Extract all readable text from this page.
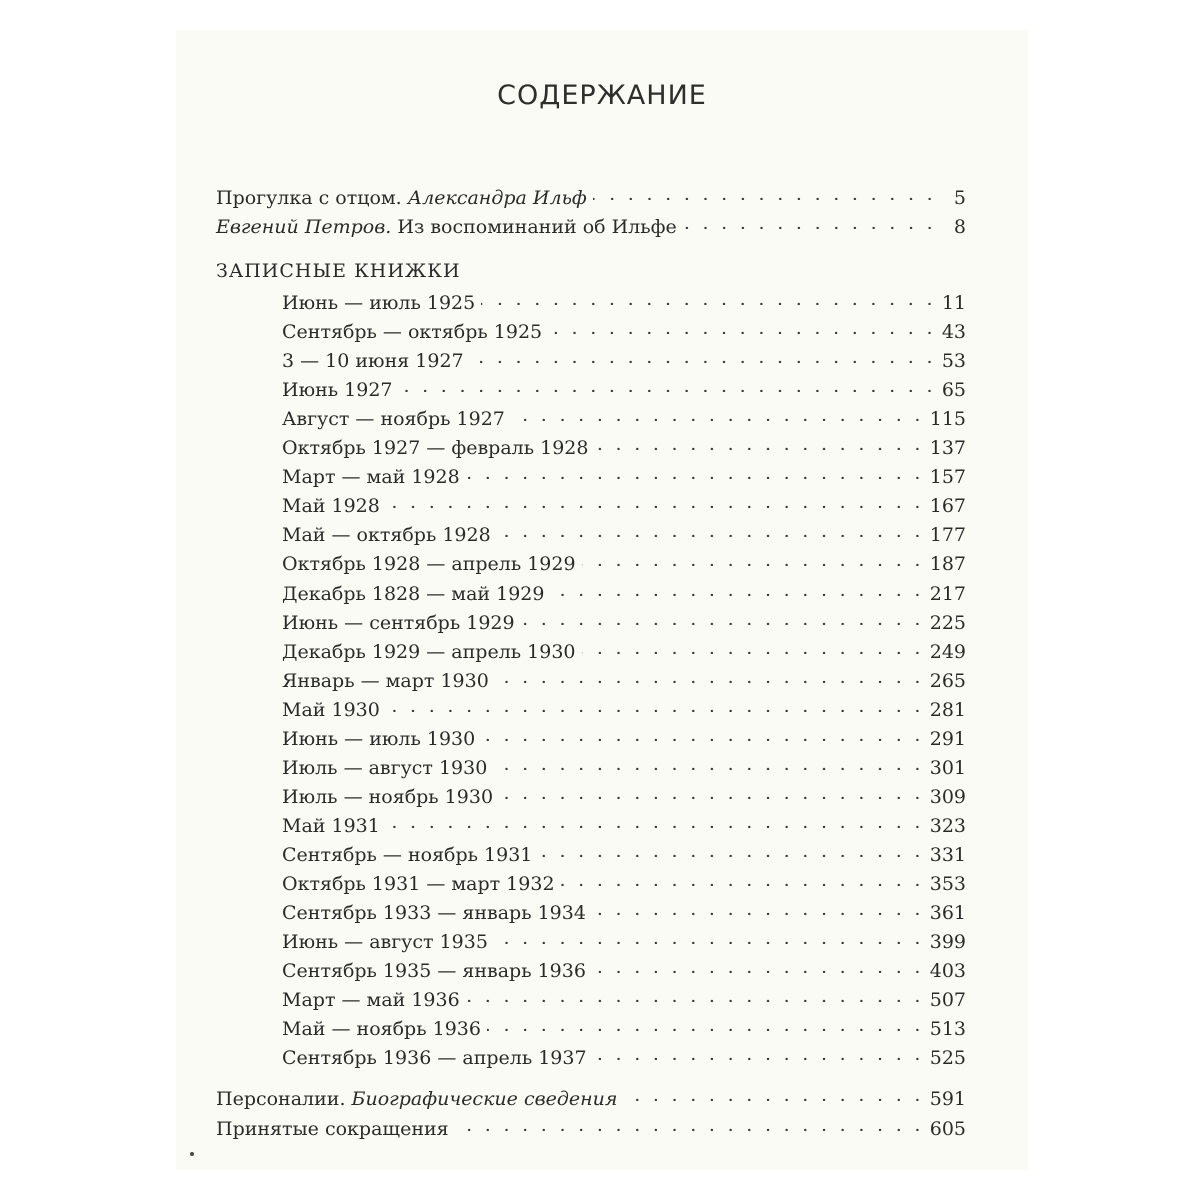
СОДЕРЖАНИЕ
Прогулка с отцом. Александра Ильф . . .	5
Евгений Петров. Из воспоминаний об Ильфе . . .	8
ЗАПИСНЫЕ КНИЖКИ
Июнь — июль 1925 . . .	11
Сентябрь — октябрь 1925 . . .	43
3 — 10 июня 1927 . . .	53
Июнь 1927 . . .	65
Август — ноябрь 1927 . . .	115
Октябрь 1927 — февраль 1928 . . .	137
Март — май 1928 . . .	157
Май 1928 . . .	167
Май — октябрь 1928 . . .	177
Октябрь 1928 — апрель 1929 . . .	187
Декабрь 1828 — май 1929 . . .	217
Июнь — сентябрь 1929 . . .	225
Декабрь 1929 — апрель 1930 . . .	249
Январь — март 1930 . . .	265
Май 1930 . . .	281
Июнь — июль 1930 . . .	291
Июль — август 1930 . . .	301
Июль — ноябрь 1930 . . .	309
Май 1931 . . .	323
Сентябрь — ноябрь 1931 . . .	331
Октябрь 1931 — март 1932 . . .	353
Сентябрь 1933 — январь 1934 . . .	361
Июнь — август 1935 . . .	399
Сентябрь 1935 — январь 1936 . . .	403
Март — май 1936 . . .	507
Май — ноябрь 1936 . . .	513
Сентябрь 1936 — апрель 1937 . . .	525
Персоналии. Биографические сведения . . .	591
Принятые сокращения . . .	605
